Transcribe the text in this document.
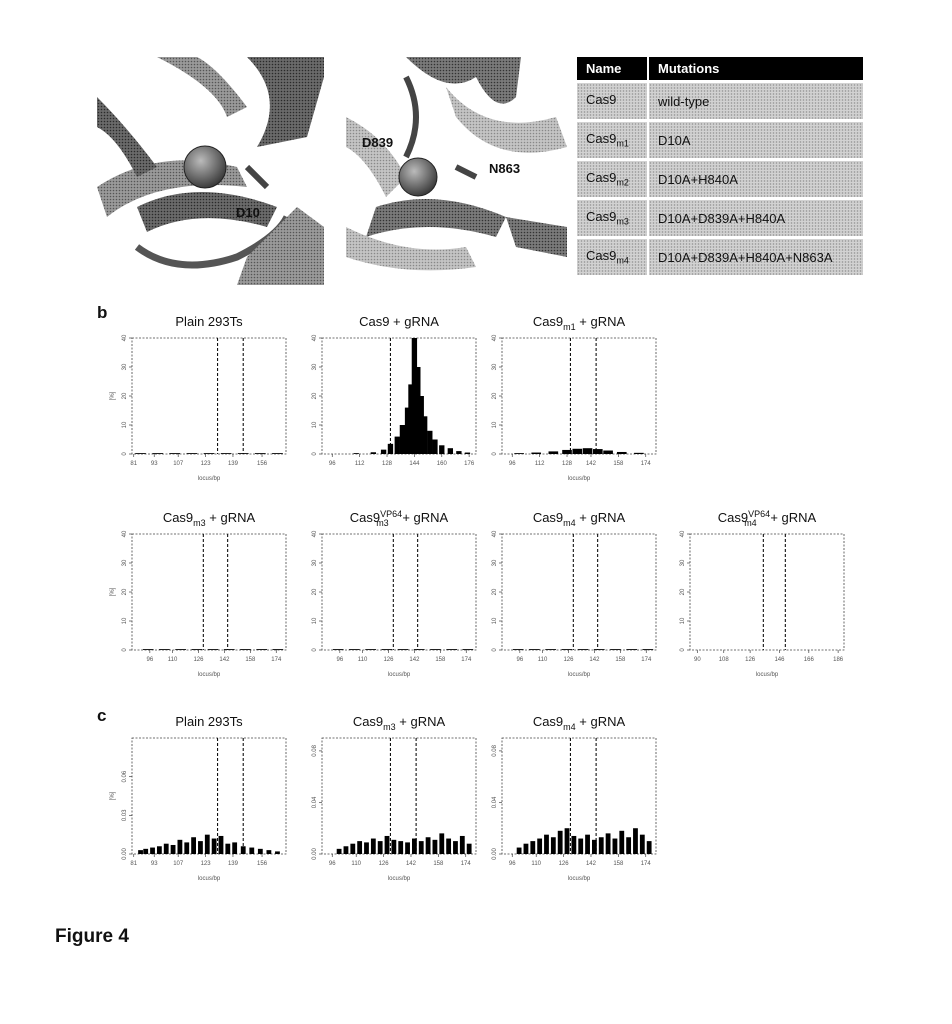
b
c
D10
D839
N863
Name	Mutations
Cas9	wild-type
$Cas9_{m1}$	D10A
$Cas9_{m2}$	D10A+H840A
$Cas9_{m3}$	D10A+D839A+H840A
$Cas9_{m4}$	D10A+D839A+H840A+N863A
Plain 293Ts
0
10
20
30
40
81 93	107	123	139	156
[%]
locus/bp
Cas9 + gRNA
0
10
20
30
40
96	112	128	144	160	176
$Cas9_{m1}$ + gRNA
0
10
20
30
40
96	112	128 142	158	174
locus/bp
$Cas9_{m3}$ + gRNA
0
10
20
30
40
96 110	126	142	158	174
[%]
locus/bp
$Cas9^{VP64}$ m3 + gRNA
0
10
20
30
40
96 110	126	142	158	174
locus/bp
$Cas9_{m4}$ + gRNA
0
10
20
30
40
96 110	126	142	158	174
locus/bp
$Cas9^{VP64}$ m4 + gRNA
0
10
20
30
40
90	108	126	146	166	186
locus/bp
Plain 293Ts
0.00
0.03
0.06
81 93	107	123	139	156
[%]
locus/bp
$Cas9_{m3}$ + gRNA
0.00
0.04
0.08
96	110	126	142	158	174
locus/bp
$Cas9_{m4}$ + gRNA
0.00
0.04
0.08
96	110	126	142	158	174
locus/bp
Figure 4
